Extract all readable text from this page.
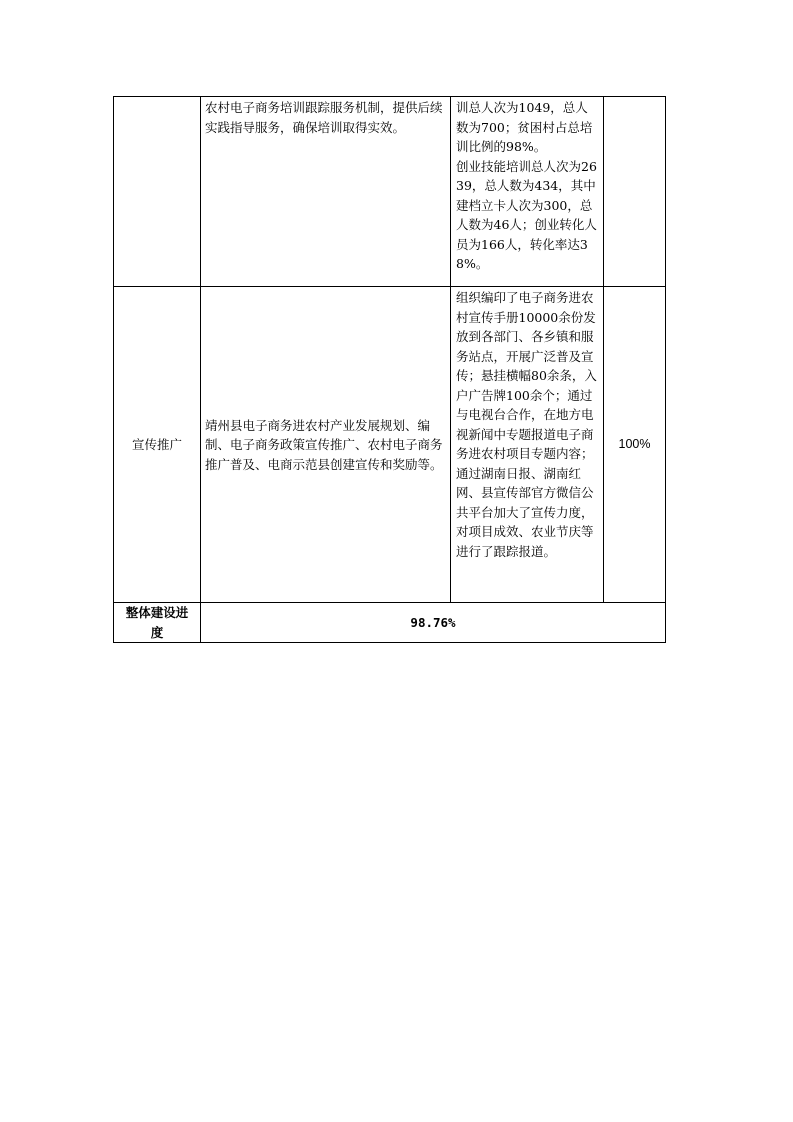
	农村电子商务培训跟踪服务机制，提供后续实践指导服务，确保培训取得实效。	训总人次为1049，总人数为700；贫困村占总培训比例的98%。
创业技能培训总人次为2639，总人数为434，其中建档立卡人次为300，总人数为46人；创业转化人员为166人，转化率达38%。	

宣传推广	靖州县电子商务进农村产业发展规划、编制、电子商务政策宣传推广、农村电子商务推广普及、电商示范县创建宣传和奖励等。	组织编印了电子商务进农村宣传手册10000余份发放到各部门、各乡镇和服务站点，开展广泛普及宣传；悬挂横幅80余条，入户广告牌100余个；通过与电视台合作，在地方电视新闻中专题报道电子商务进农村项目专题内容；通过湖南日报、湖南红网、县宣传部官方微信公共平台加大了宣传力度，对项目成效、农业节庆等进行了跟踪报道。	100%
整体建设进度	98.76%		
